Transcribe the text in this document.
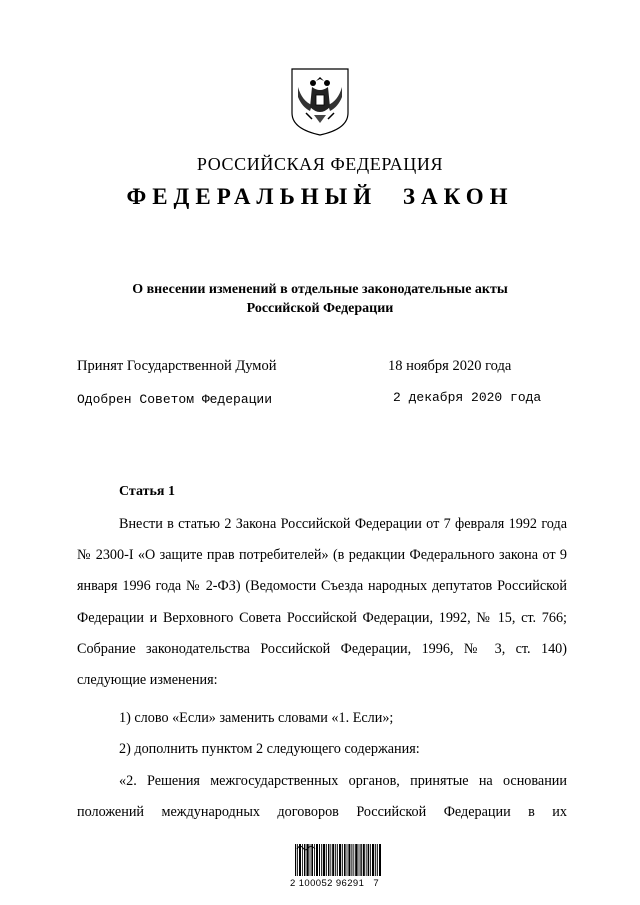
РОССИЙСКАЯ ФЕДЕРАЦИЯ
ФЕДЕРАЛЬНЫЙ ЗАКОН
О внесении изменений в отдельные законодательные акты
Российской Федерации
Принят Государственной Думой	18 ноября 2020 года
Одобрен Советом Федерации	2 декабря 2020 года
Статья 1
Внести в статью 2 Закона Российской Федерации от 7 февраля 1992 года № 2300-I «О защите прав потребителей» (в редакции Федерального закона от 9 января 1996 года № 2-ФЗ) (Ведомости Съезда народных депутатов Российской Федерации и Верховного Совета Российской Федерации, 1992, № 15, ст. 766; Собрание законодательства Российской Федерации, 1996, № 3, ст. 140) следующие изменения:
1) слово «Если» заменить словами «1. Если»;
2) дополнить пунктом 2 следующего содержания:
«2. Решения межгосударственных органов, принятые на основании положений международных договоров Российской Федерации в их
2 100052 96291   7
